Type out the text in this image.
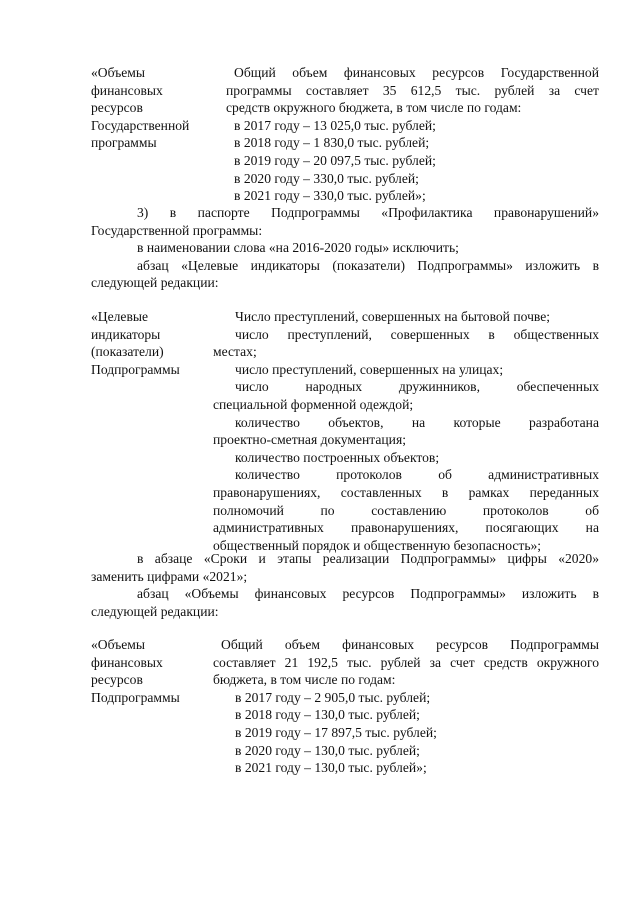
«Объемы
финансовых
ресурсов
Государственной
программы
Общий объем финансовых ресурсов Государственной
программы составляет 35 612,5 тыс. рублей за счет
средств окружного бюджета, в том числе по годам:
в 2017 году – 13 025,0 тыс. рублей;
в 2018 году – 1 830,0 тыс. рублей;
в 2019 году – 20 097,5 тыс. рублей;
в 2020 году – 330,0 тыс. рублей;
в 2021 году – 330,0 тыс. рублей»;
3) в паспорте Подпрограммы «Профилактика правонарушений»
Государственной программы:
в наименовании слова «на 2016-2020 годы» исключить;
абзац «Целевые индикаторы (показатели) Подпрограммы» изложить в
следующей редакции:
«Целевые
индикаторы
(показатели)
Подпрограммы
Число преступлений, совершенных на бытовой почве;
число преступлений, совершенных в общественных
местах;
число преступлений, совершенных на улицах;
число народных дружинников, обеспеченных
специальной форменной одеждой;
количество объектов, на которые разработана
проектно-сметная документация;
количество построенных объектов;
количество протоколов об административных
правонарушениях, составленных в рамках переданных
полномочий по составлению протоколов об
административных правонарушениях, посягающих на
общественный порядок и общественную безопасность»;
в абзаце «Сроки и этапы реализации Подпрограммы» цифры «2020»
заменить цифрами «2021»;
абзац «Объемы финансовых ресурсов Подпрограммы» изложить в
следующей редакции:
«Объемы
финансовых
ресурсов
Подпрограммы
Общий объем финансовых ресурсов Подпрограммы
составляет 21 192,5 тыс. рублей за счет средств окружного
бюджета, в том числе по годам:
в 2017 году – 2 905,0 тыс. рублей;
в 2018 году – 130,0 тыс. рублей;
в 2019 году – 17 897,5 тыс. рублей;
в 2020 году – 130,0 тыс. рублей;
в 2021 году – 130,0 тыс. рублей»;
